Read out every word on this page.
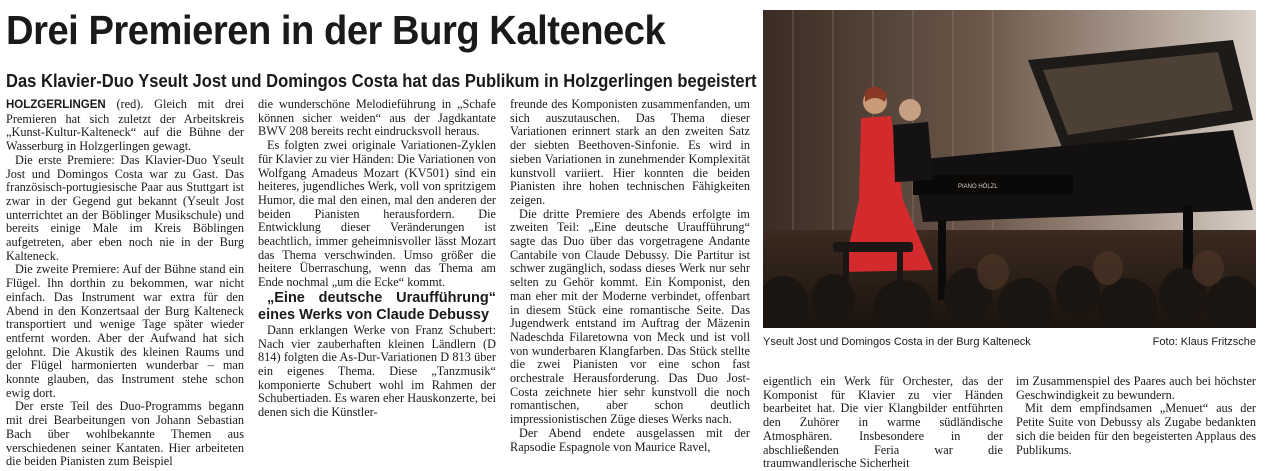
Drei Premieren in der Burg Kalteneck
Das Klavier-Duo Yseult Jost und Domingos Costa hat das Publikum in Holzgerlingen begeistert

HOLZGERLINGEN (red). Gleich mit drei Premieren hat sich zuletzt der Arbeitskreis „Kunst-Kultur-Kalteneck“ auf die Bühne der Wasserburg in Holzgerlingen gewagt.

Die erste Premiere: Das Klavier-Duo Yseult Jost und Domingos Costa war zu Gast. Das französisch-portugiesische Paar aus Stuttgart ist zwar in der Gegend gut bekannt (Yseult Jost unterrichtet an der Böblinger Musikschule) und bereits einige Male im Kreis Böblingen aufgetreten, aber eben noch nie in der Burg Kalteneck.

Die zweite Premiere: Auf der Bühne stand ein Flügel. Ihn dorthin zu bekommen, war nicht einfach. Das Instrument war extra für den Abend in den Konzertsaal der Burg Kalteneck transportiert und wenige Tage später wieder entfernt worden. Aber der Aufwand hat sich gelohnt. Die Akustik des kleinen Raums und der Flügel harmonierten wunderbar – man konnte glauben, das Instrument stehe schon ewig dort.

Der erste Teil des Duo-Programms begann mit drei Bearbeitungen von Johann Sebastian Bach über wohlbekannte Themen aus verschiedenen seiner Kantaten. Hier arbeiteten die beiden Pianisten zum Beispiel

die wunderschöne Melodieführung in „Schafe können sicher weiden“ aus der Jagdkantate BWV 208 bereits recht eindrucksvoll heraus.

Es folgten zwei originale Variationen-Zyklen für Klavier zu vier Händen: Die Variationen von Wolfgang Amadeus Mozart (KV501) sind ein heiteres, jugendliches Werk, voll von spritzigem Humor, die mal den einen, mal den anderen der beiden Pianisten herausfordern. Die Entwicklung dieser Veränderungen ist beachtlich, immer geheimnisvoller lässt Mozart das Thema verschwinden. Umso größer die heitere Überraschung, wenn das Thema am Ende nochmal „um die Ecke“ kommt.

„Eine deutsche Uraufführung“ eines Werks von Claude Debussy

Dann erklangen Werke von Franz Schubert: Nach vier zauberhaften kleinen Ländlern (D 814) folgten die As-Dur-Variationen D 813 über ein eigenes Thema. Diese „Tanzmusik“ komponierte Schubert wohl im Rahmen der Schubertiaden. Es waren eher Hauskonzerte, bei denen sich die Künstler-

freunde des Komponisten zusammenfanden, um sich auszutauschen. Das Thema dieser Variationen erinnert stark an den zweiten Satz der siebten Beethoven-Sinfonie. Es wird in sieben Variationen in zunehmender Komplexität kunstvoll variiert. Hier konnten die beiden Pianisten ihre hohen technischen Fähigkeiten zeigen.

Die dritte Premiere des Abends erfolgte im zweiten Teil: „Eine deutsche Uraufführung“ sagte das Duo über das vorgetragene Andante Cantabile von Claude Debussy. Die Partitur ist schwer zugänglich, sodass dieses Werk nur sehr selten zu Gehör kommt. Ein Komponist, den man eher mit der Moderne verbindet, offenbart in diesem Stück eine romantische Seite. Das Jugendwerk entstand im Auftrag der Mäzenin Nadeschda Filaretowna von Meck und ist voll von wunderbaren Klangfarben. Das Stück stellte die zwei Pianisten vor eine schon fast orchestrale Herausforderung. Das Duo Jost-Costa zeichnete hier sehr kunstvoll die noch romantischen, aber schon deutlich impressionistischen Züge dieses Werks nach.

Der Abend endete ausgelassen mit der Rapsodie Espagnole von Maurice Ravel,

PIANO HÖLZL
Yseult Jost und Domingos Costa in der Burg Kalteneck	Foto: Klaus Fritzsche

eigentlich ein Werk für Orchester, das der Komponist für Klavier zu vier Händen bearbeitet hat. Die vier Klangbilder entführten den Zuhörer in warme südländische Atmosphären. Insbesondere in der abschließenden Feria war die traumwandlerische Sicherheit

im Zusammenspiel des Paares auch bei höchster Geschwindigkeit zu bewundern.

Mit dem empfindsamen „Menuet“ aus der Petite Suite von Debussy als Zugabe bedankten sich die beiden für den begeisterten Applaus des Publikums.
